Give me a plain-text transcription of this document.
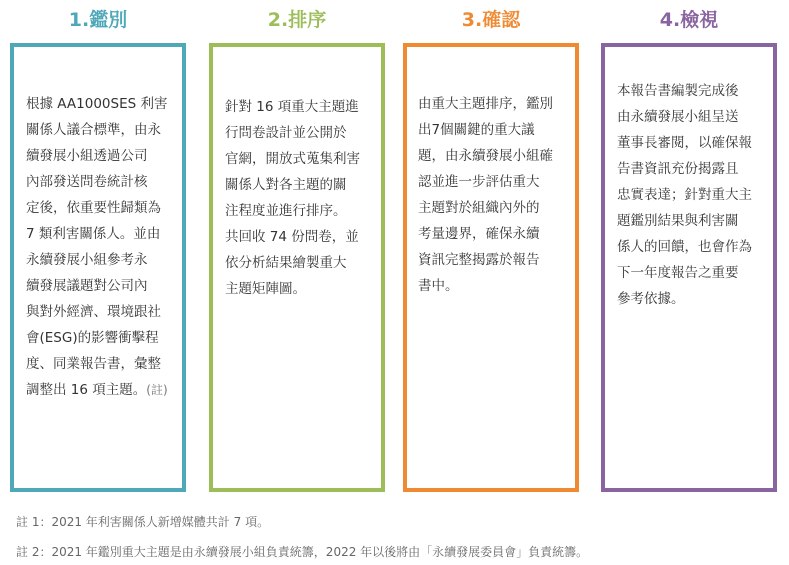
1.鑑別

根據 AA1000SES 利害
關係人議合標準，由永
續發展小組透過公司
內部發送問卷統計核
定後，依重要性歸類為
7 類利害關係人。並由
永續發展小組參考永
續發展議題對公司內
與對外經濟、環境跟社
會(ESG)的影響衝擊程
度、同業報告書，彙整
調整出 16 項主題。(註)

2.排序

針對 16 項重大主題進
行問卷設計並公開於
官網，開放式蒐集利害
關係人對各主題的關
注程度並進行排序。
共回收 74 份問卷，並
依分析結果繪製重大
主題矩陣圖。

3.確認

由重大主題排序，鑑別
出7個關鍵的重大議
題，由永續發展小組確
認並進一步評估重大
主題對於組織內外的
考量邊界，確保永續
資訊完整揭露於報告
書中。

4.檢視

本報告書編製完成後
由永續發展小組呈送
董事長審閱，以確保報
告書資訊充份揭露且
忠實表達；針對重大主
題鑑別結果與利害關
係人的回饋，也會作為
下一年度報告之重要
參考依據。

註 1：2021 年利害關係人新增媒體共計 7 項。
註 2：2021 年鑑別重大主題是由永續發展小組負責統籌，2022 年以後將由「永續發展委員會」負責統籌。
